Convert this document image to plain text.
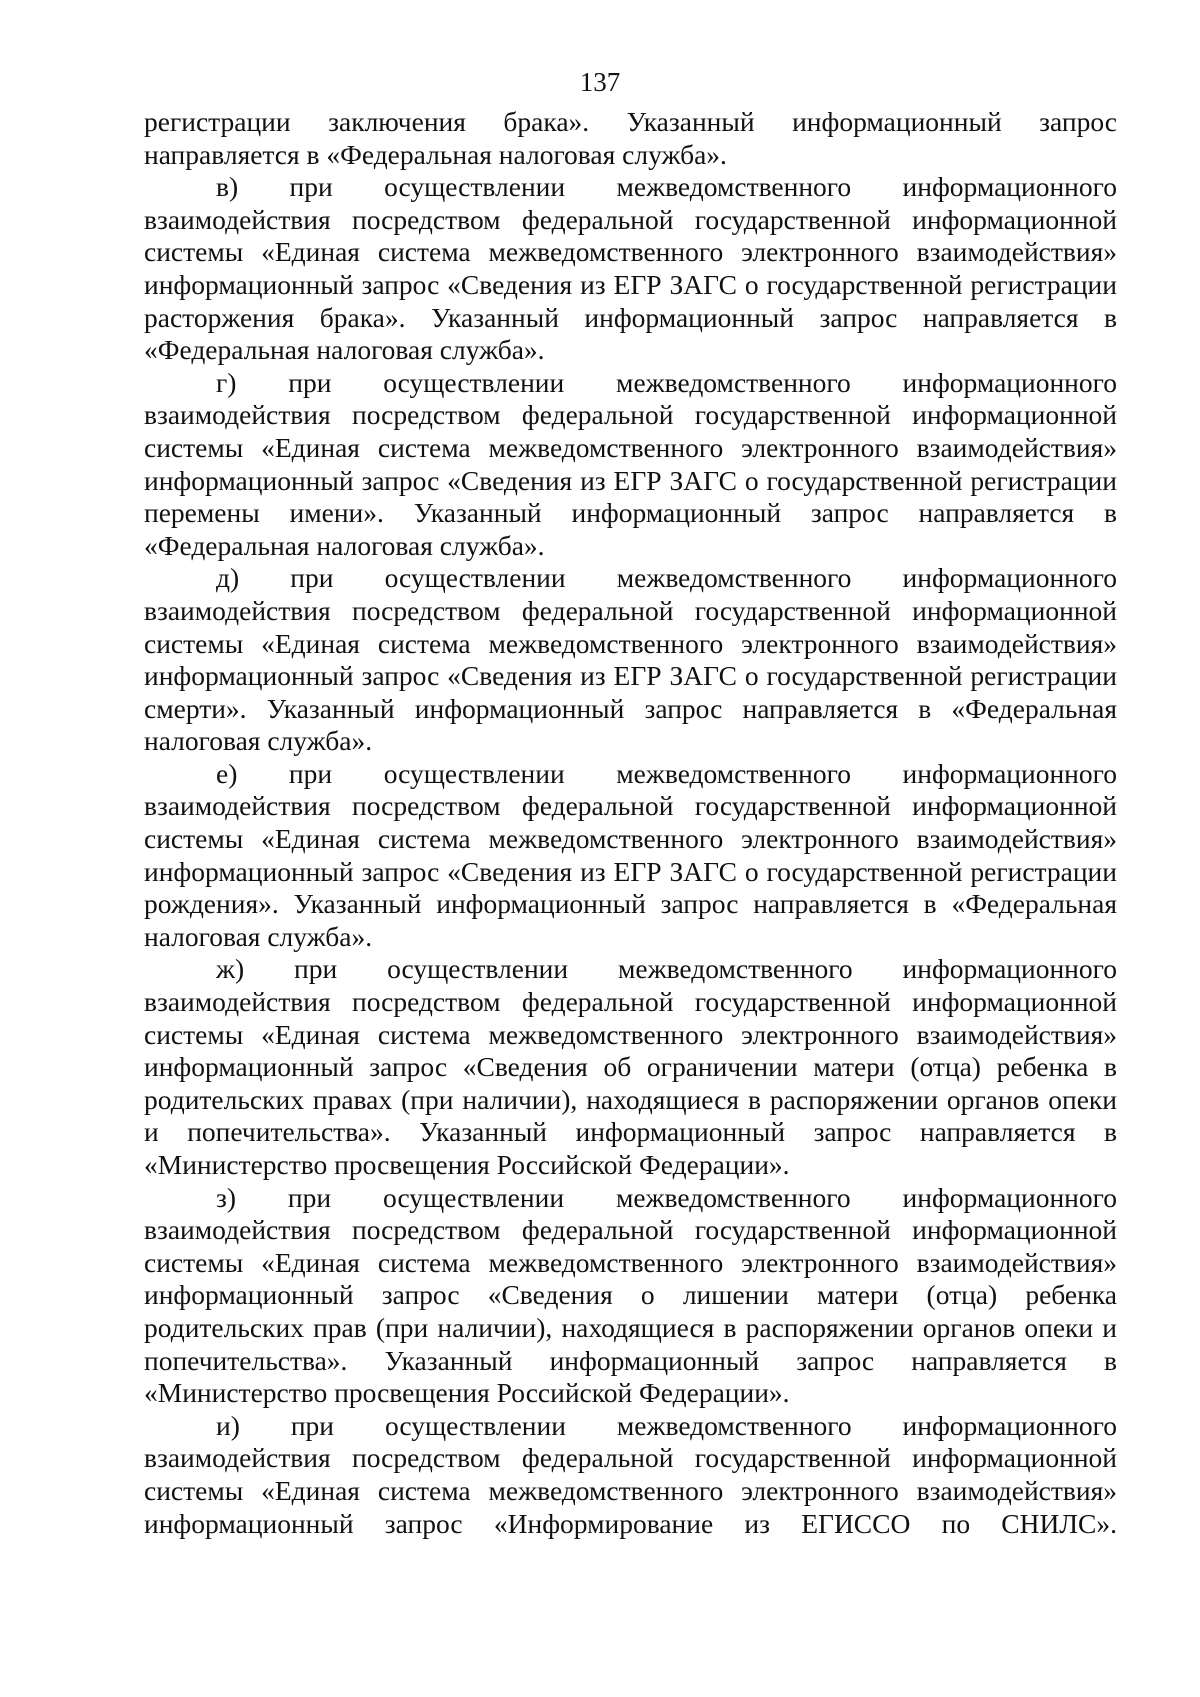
137

регистрации заключения брака». Указанный информационный запрос направляется в «Федеральная налоговая служба».

в) при осуществлении межведомственного информационного взаимодействия посредством федеральной государственной информационной системы «Единая система межведомственного электронного взаимодействия» информационный запрос «Сведения из ЕГР ЗАГС о государственной регистрации расторжения брака». Указанный информационный запрос направляется в «Федеральная налоговая служба».

г) при осуществлении межведомственного информационного взаимодействия посредством федеральной государственной информационной системы «Единая система межведомственного электронного взаимодействия» информационный запрос «Сведения из ЕГР ЗАГС о государственной регистрации перемены имени». Указанный информационный запрос направляется в «Федеральная налоговая служба».

д) при осуществлении межведомственного информационного взаимодействия посредством федеральной государственной информационной системы «Единая система межведомственного электронного взаимодействия» информационный запрос «Сведения из ЕГР ЗАГС о государственной регистрации смерти». Указанный информационный запрос направляется в «Федеральная налоговая служба».

е) при осуществлении межведомственного информационного взаимодействия посредством федеральной государственной информационной системы «Единая система межведомственного электронного взаимодействия» информационный запрос «Сведения из ЕГР ЗАГС о государственной регистрации рождения». Указанный информационный запрос направляется в «Федеральная налоговая служба».

ж) при осуществлении межведомственного информационного взаимодействия посредством федеральной государственной информационной системы «Единая система межведомственного электронного взаимодействия» информационный запрос «Сведения об ограничении матери (отца) ребенка в родительских правах (при наличии), находящиеся в распоряжении органов опеки и попечительства». Указанный информационный запрос направляется в «Министерство просвещения Российской Федерации».

з) при осуществлении межведомственного информационного взаимодействия посредством федеральной государственной информационной системы «Единая система межведомственного электронного взаимодействия» информационный запрос «Сведения о лишении матери (отца) ребенка родительских прав (при наличии), находящиеся в распоряжении органов опеки и попечительства». Указанный информационный запрос направляется в «Министерство просвещения Российской Федерации».

и) при осуществлении межведомственного информационного взаимодействия посредством федеральной государственной информационной системы «Единая система межведомственного электронного взаимодействия» информационный запрос «Информирование из ЕГИССО по СНИЛС».
